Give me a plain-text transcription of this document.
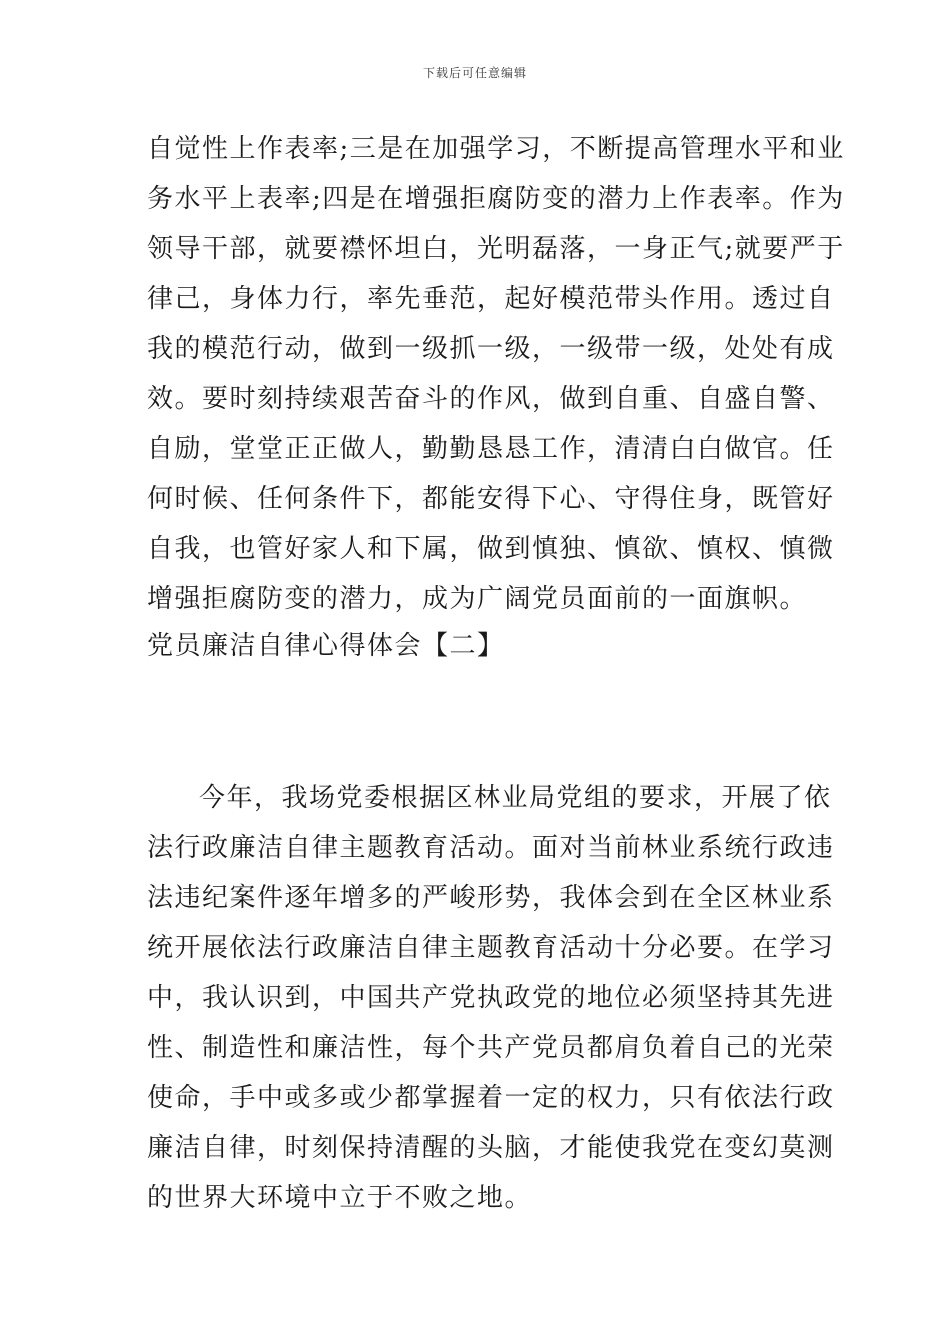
下载后可任意编辑
自觉性上作表率;三是在加强学习，不断提高管理水平和业
务水平上表率;四是在增强拒腐防变的潜力上作表率。作为
领导干部，就要襟怀坦白，光明磊落，一身正气;就要严于
律己，身体力行，率先垂范，起好模范带头作用。透过自
我的模范行动，做到一级抓一级，一级带一级，处处有成
效。要时刻持续艰苦奋斗的作风，做到自重、自盛自警、
自励，堂堂正正做人，勤勤恳恳工作，清清白白做官。任
何时候、任何条件下，都能安得下心、守得住身，既管好
自我，也管好家人和下属，做到慎独、慎欲、慎权、慎微
增强拒腐防变的潜力，成为广阔党员面前的一面旗帜。
党员廉洁自律心得体会【二】
今年，我场党委根据区林业局党组的要求，开展了依
法行政廉洁自律主题教育活动。面对当前林业系统行政违
法违纪案件逐年增多的严峻形势，我体会到在全区林业系
统开展依法行政廉洁自律主题教育活动十分必要。在学习
中，我认识到，中国共产党执政党的地位必须坚持其先进
性、制造性和廉洁性，每个共产党员都肩负着自己的光荣
使命，手中或多或少都掌握着一定的权力，只有依法行政
廉洁自律，时刻保持清醒的头脑，才能使我党在变幻莫测
的世界大环境中立于不败之地。
